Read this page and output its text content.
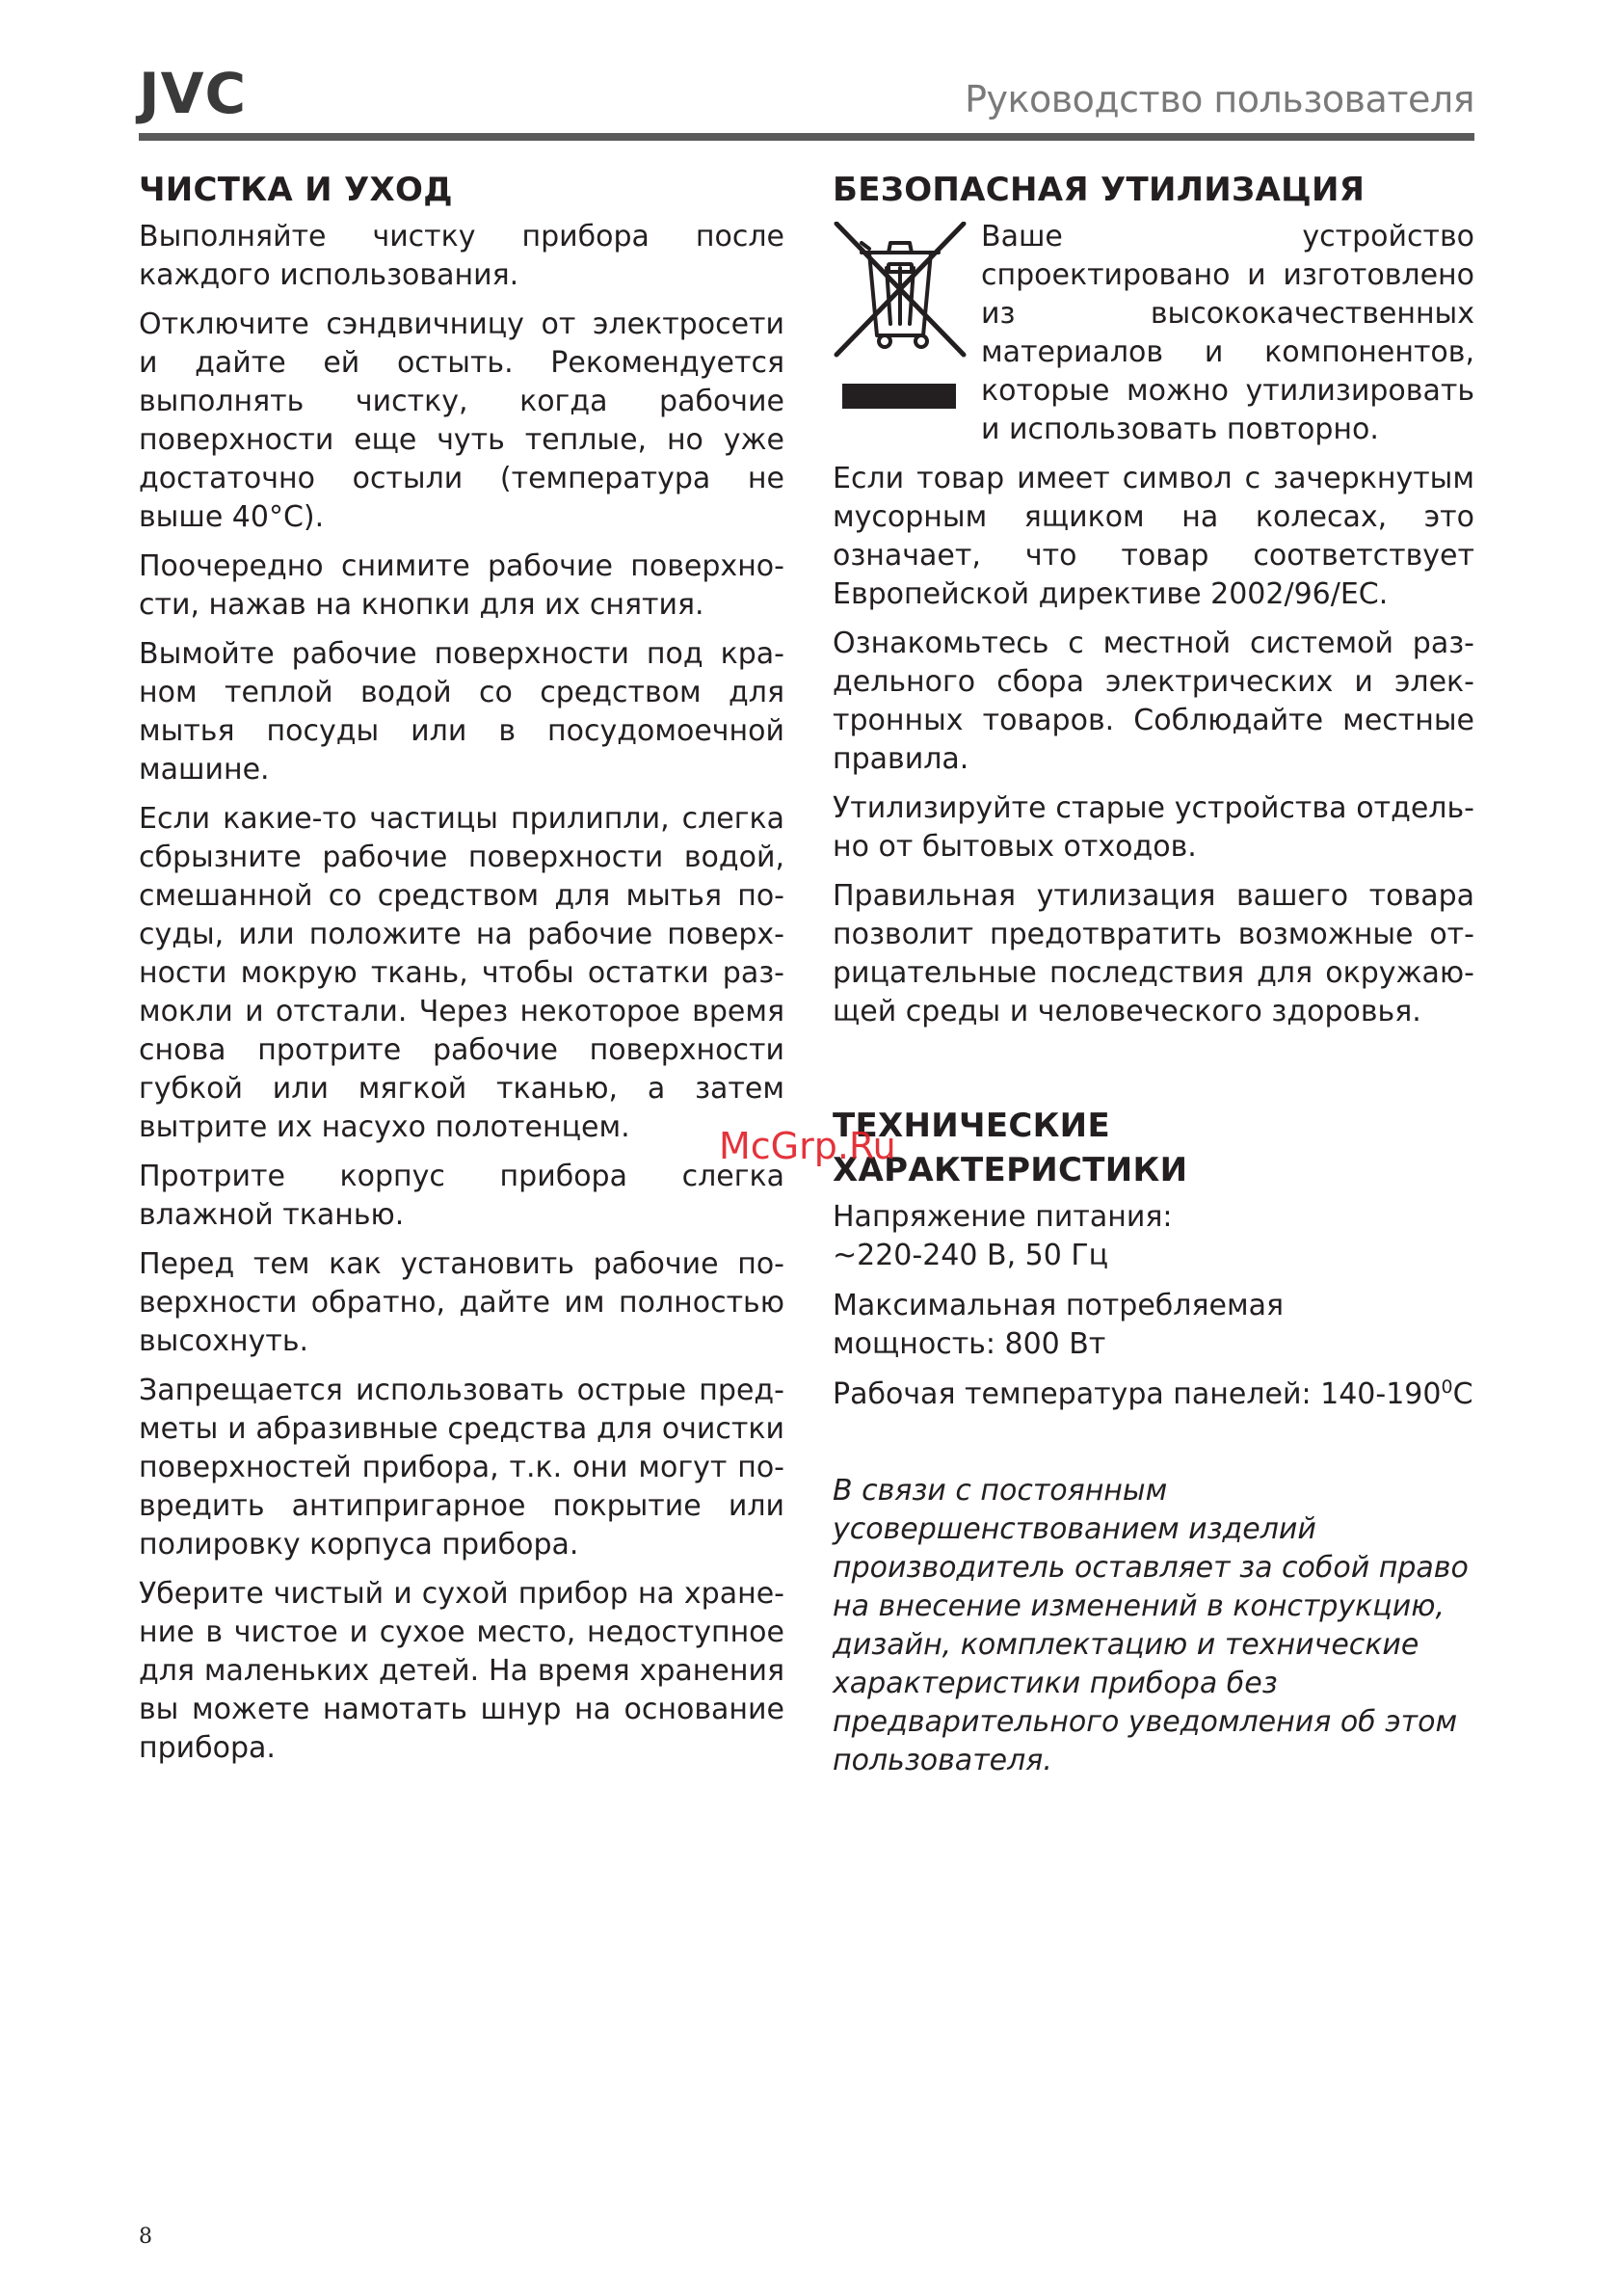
JVC	Руководство пользователя
ЧИСТКА И УХОД

Выполняйте чистку прибора после каждого использования.

Отключите сэндвичницу от электросети и дайте ей остыть. Рекомендуется выполнять чистку, когда рабочие поверхности еще чуть теплые, но уже достаточно остыли (температура не выше 40°C).

Поочередно снимите рабочие поверхности, нажав на кнопки для их снятия.

Вымойте рабочие поверхности под краном теплой водой со средством для мытья посуды или в посудомоечной машине.

Если какие-то частицы прилипли, слегка сбрызните рабочие поверхности водой, смешанной со средством для мытья посуды, или положите на рабочие поверхности мокрую ткань, чтобы остатки размокли и отстали. Через некоторое время снова протрите рабочие поверхности губкой или мягкой тканью, а затем вытрите их насухо полотенцем.

Протрите корпус прибора слегка влажной тканью.

Перед тем как установить рабочие поверхности обратно, дайте им полностью высохнуть.

Запрещается использовать острые предметы и абразивные средства для очистки поверхностей прибора, т.к. они могут повредить антипригарное покрытие или полировку корпуса прибора.

Уберите чистый и сухой прибор на хранение в чистое и сухое место, недоступное для маленьких детей. На время хранения вы можете намотать шнур на основание прибора.

БЕЗОПАСНАЯ УТИЛИЗАЦИЯ

Ваше устройство спроектировано и изготовлено из высококачественных материалов и компонентов, которые можно утилизировать и использовать повторно.

Если товар имеет символ с зачеркнутым мусорным ящиком на колесах, это означает, что товар соответствует Европейской директиве 2002/96/EC.

Ознакомьтесь с местной системой раздельного сбора электрических и электронных товаров. Соблюдайте местные правила.

Утилизируйте старые устройства отдельно от бытовых отходов.

Правильная утилизация вашего товара позволит предотвратить возможные отрицательные последствия для окружающей среды и человеческого здоровья.

ТЕХНИЧЕСКИЕ ХАРАКТЕРИСТИКИ

Напряжение питания:
~220-240 В, 50 Гц

Максимальная потребляемая
мощность: 800 Вт

Рабочая температура панелей: $140-190^0С$

В связи с постоянным усовершенствованием изделий производитель оставляет за собой право на внесение изменений в конструкцию, дизайн, комплектацию и технические характеристики прибора без предварительного уведомления об этом пользователя.

McGrp.Ru
8
